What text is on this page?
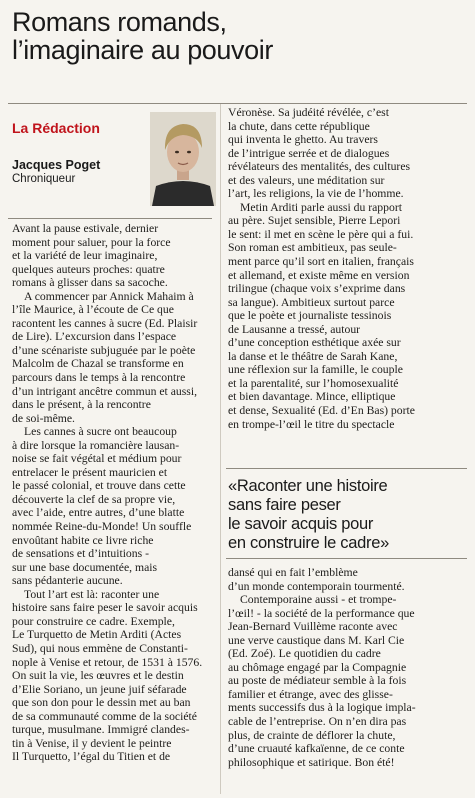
Romans romands,
l’imaginaire au pouvoir
La Rédaction
Jacques Poget
Chroniqueur
Avant la pause estivale, dernier
moment pour saluer, pour la force
et la variété de leur imaginaire,
quelques auteurs proches: quatre
romans à glisser dans sa sacoche.
A commencer par Annick Mahaim à
l’île Maurice, à l’écoute de Ce que
racontent les cannes à sucre (Ed. Plaisir
de Lire). L’excursion dans l’espace
d’une scénariste subjuguée par le poète
Malcolm de Chazal se transforme en
parcours dans le temps à la rencontre
d’un intrigant ancêtre commun et aussi,
dans le présent, à la rencontre
de soi-même.
Les cannes à sucre ont beaucoup
à dire lorsque la romancière lausan-
noise se fait végétal et médium pour
entrelacer le présent mauricien et
le passé colonial, et trouve dans cette
découverte la clef de sa propre vie,
avec l’aide, entre autres, d’une blatte
nommée Reine-du-Monde! Un souffle
envoûtant habite ce livre riche
de sensations et d’intuitions -
sur une base documentée, mais
sans pédanterie aucune.
Tout l’art est là: raconter une
histoire sans faire peser le savoir acquis
pour construire ce cadre. Exemple,
Le Turquetto de Metin Arditi (Actes
Sud), qui nous emmène de Constanti-
nople à Venise et retour, de 1531 à 1576.
On suit la vie, les œuvres et le destin
d’Elie Soriano, un jeune juif séfarade
que son don pour le dessin met au ban
de sa communauté comme de la société
turque, musulmane. Immigré clandes-
tin à Venise, il y devient le peintre
Il Turquetto, l’égal du Titien et de
Véronèse. Sa judéité révélée, c’est
la chute, dans cette république
qui inventa le ghetto. Au travers
de l’intrigue serrée et de dialogues
révélateurs des mentalités, des cultures
et des valeurs, une méditation sur
l’art, les religions, la vie de l’homme.
Metin Arditi parle aussi du rapport
au père. Sujet sensible, Pierre Lepori
le sent: il met en scène le père qui a fui.
Son roman est ambitieux, pas seule-
ment parce qu’il sort en italien, français
et allemand, et existe même en version
trilingue (chaque voix s’exprime dans
sa langue). Ambitieux surtout parce
que le poète et journaliste tessinois
de Lausanne a tressé, autour
d’une conception esthétique axée sur
la danse et le théâtre de Sarah Kane,
une réflexion sur la famille, le couple
et la parentalité, sur l’homosexualité
et bien davantage. Mince, elliptique
et dense, Sexualité (Ed. d’En Bas) porte
en trompe-l’œil le titre du spectacle
«Raconter une histoire
sans faire peser
le savoir acquis pour
en construire le cadre»
dansé qui en fait l’emblème
d’un monde contemporain tourmenté.
Contemporaine aussi - et trompe-
l’œil! - la société de la performance que
Jean-Bernard Vuillème raconte avec
une verve caustique dans M. Karl Cie
(Ed. Zoé). Le quotidien du cadre
au chômage engagé par la Compagnie
au poste de médiateur semble à la fois
familier et étrange, avec des glisse-
ments successifs dus à la logique impla-
cable de l’entreprise. On n’en dira pas
plus, de crainte de déflorer la chute,
d’une cruauté kafkaïenne, de ce conte
philosophique et satirique. Bon été!
